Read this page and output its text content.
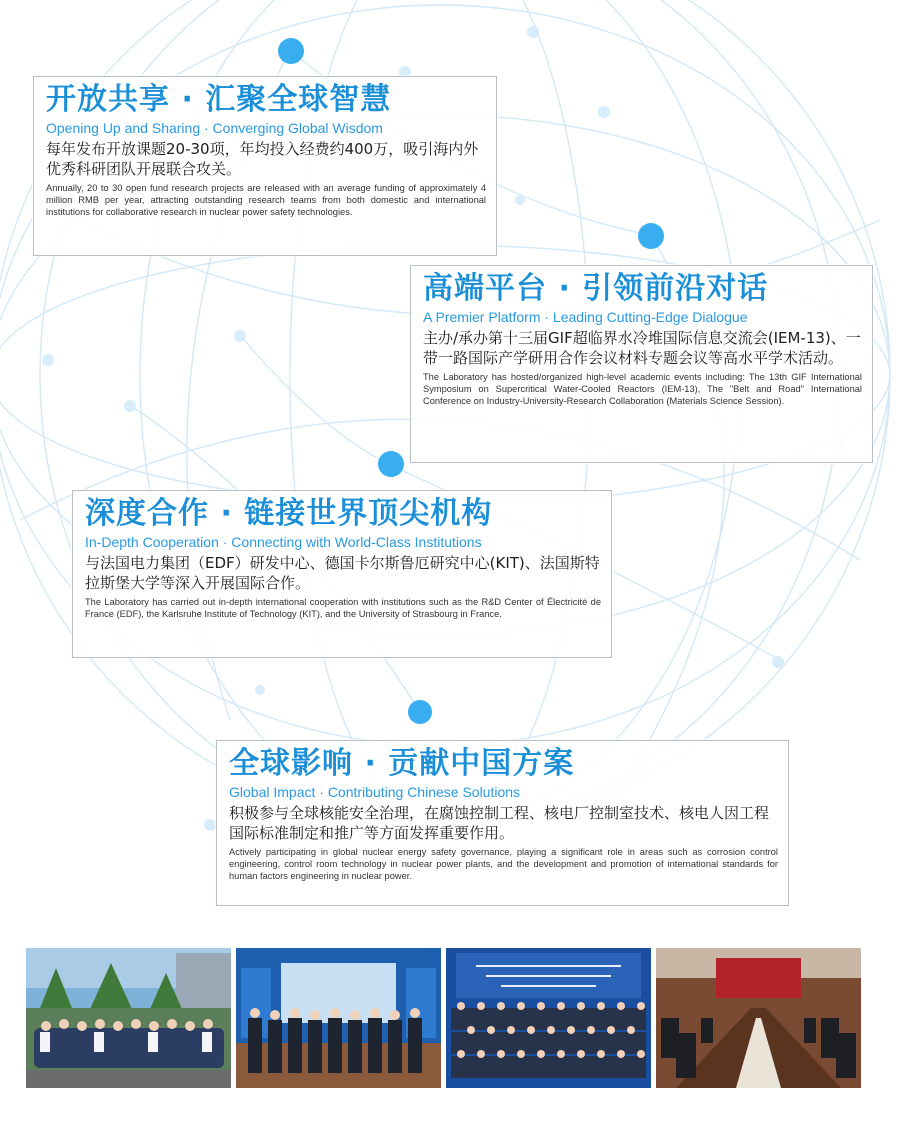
开放共享 · 汇聚全球智慧
Opening Up and Sharing · Converging Global Wisdom
每年发布开放课题20-30项，年均投入经费约400万，吸引海内外优秀科研团队开展联合攻关。
Annually, 20 to 30 open fund research projects are released with an average funding of approximately 4 million RMB per year, attracting outstanding research teams from both domestic and international institutions for collaborative research in nuclear power safety technologies.
高端平台 · 引领前沿对话
A Premier Platform · Leading Cutting-Edge Dialogue
主办/承办第十三届GIF超临界水冷堆国际信息交流会(IEM-13)、一带一路国际产学研用合作会议材料专题会议等高水平学术活动。
The Laboratory has hosted/organized high-level academic events including: The 13th GIF International Symposium on Supercritical Water-Cooled Reactors (IEM-13), The "Belt and Road" International Conference on Industry-University-Research Collaboration (Materials Science Session).
深度合作 · 链接世界顶尖机构
In-Depth Cooperation · Connecting with World-Class Institutions
与法国电力集团（EDF）研发中心、德国卡尔斯鲁厄研究中心(KIT)、法国斯特拉斯堡大学等深入开展国际合作。
The Laboratory has carried out in-depth international cooperation with institutions such as the R&D Center of Électricité de France (EDF), the Karlsruhe Institute of Technology (KIT), and the University of Strasbourg in France.
全球影响 · 贡献中国方案
Global Impact · Contributing Chinese Solutions
积极参与全球核能安全治理，在腐蚀控制工程、核电厂控制室技术、核电人因工程国际标准制定和推广等方面发挥重要作用。
Actively participating in global nuclear energy safety governance, playing a significant role in areas such as corrosion control engineering, control room technology in nuclear power plants, and the development and promotion of international standards for human factors engineering in nuclear power.
